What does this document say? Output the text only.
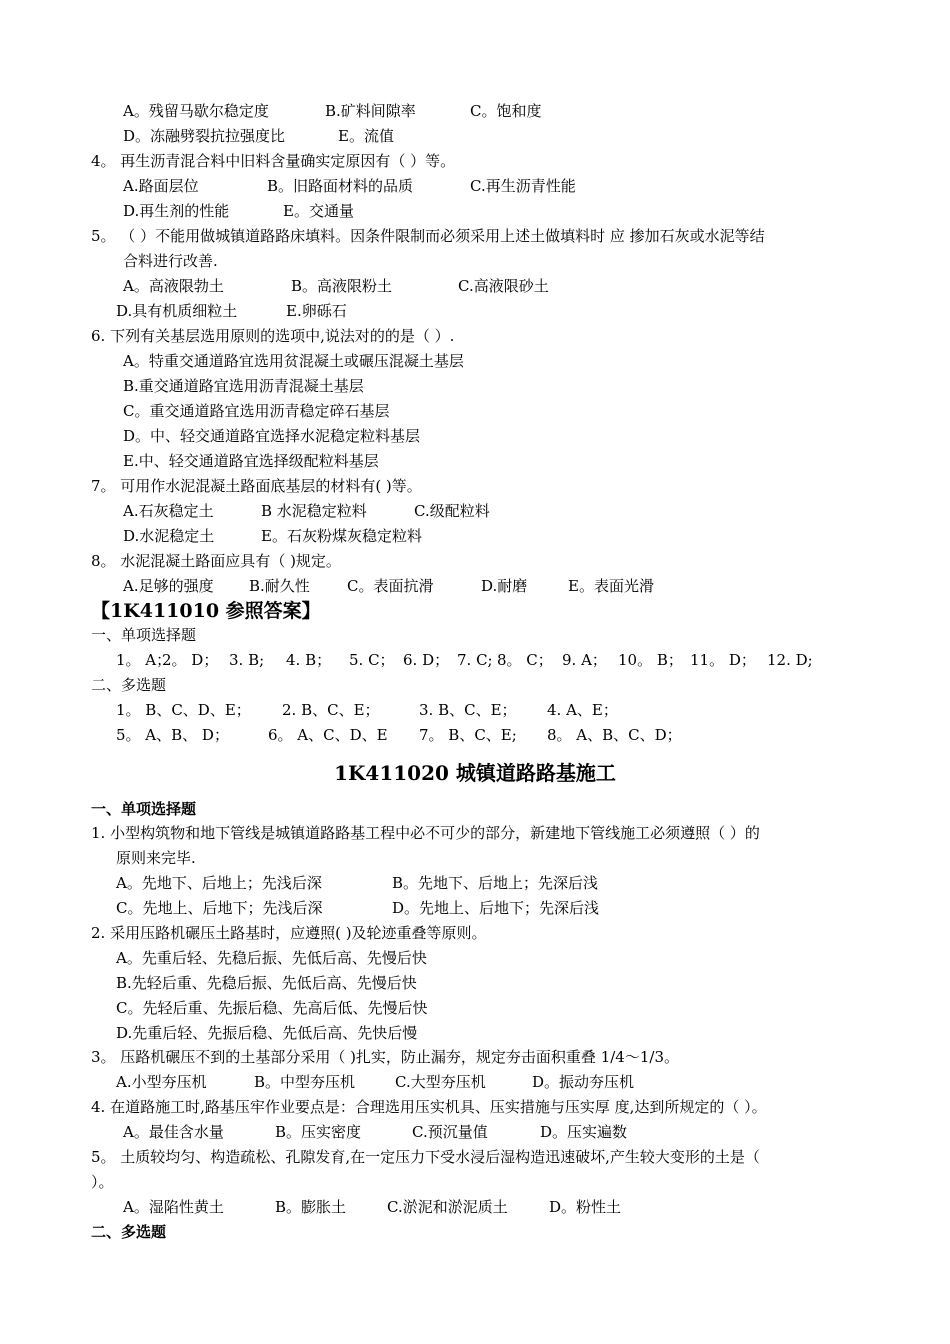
A。残留马歇尔稳定度	B.矿料间隙率	C。饱和度
D。冻融劈裂抗拉强度比	E。流值
4。 再生沥青混合料中旧料含量确实定原因有（ ）等。
A.路面层位	B。旧路面材料的品质	C.再生沥青性能
D.再生剂的性能	E。交通量
5。 （ ）不能用做城镇道路路床填料。因条件限制而必须采用上述土做填料时 应 掺加石灰或水泥等结
合料进行改善.
A。高液限勃土	B。高液限粉土	C.高液限砂土
D.具有机质细粒土	E.卵砾石
6. 下列有关基层选用原则的选项中,说法对的的是（ ）.
A。特重交通道路宜选用贫混凝土或碾压混凝土基层
B.重交通道路宜选用沥青混凝土基层
C。重交通道路宜选用沥青稳定碎石基层
D。中、轻交通道路宜选择水泥稳定粒料基层
E.中、轻交通道路宜选择级配粒料基层
7。 可用作水泥混凝土路面底基层的材料有( )等。
A.石灰稳定土	B 水泥稳定粒料	C.级配粒料
D.水泥稳定土	E。石灰粉煤灰稳定粒料
8。 水泥混凝土路面应具有（ )规定。
A.足够的强度 B.耐久性 C。表面抗滑	D.耐磨	E。表面光滑
【1K411010 参照答案】
一、单项选择题
1。 A；2。 D； 3. B; 4. B； 5. C； 6. D； 7. C; 8。 C； 9. A； 10。 B； 11。 D； 12. D;
二、多选题
1。 B、C、D、E； 2. B、C、E；	3. B、C、E； 4. A、E；
5。 A、B、 D；	6。 A、C、D、E 7。 B、C、E; 8。 A、B、C、D；
1K411020 城镇道路路基施工
一、单项选择题
1. 小型构筑物和地下管线是城镇道路路基工程中必不可少的部分，新建地下管线施工必须遵照（ ）的
原则来完毕.
A。先地下、后地上；先浅后深	B。先地下、后地上；先深后浅
C。先地上、后地下；先浅后深	D。先地上、后地下；先深后浅
2. 采用压路机碾压土路基时，应遵照( )及轮迹重叠等原则。
A。先重后轻、先稳后振、先低后高、先慢后快
B.先轻后重、先稳后振、先低后高、先慢后快
C。先轻后重、先振后稳、先高后低、先慢后快
D.先重后轻、先振后稳、先低后高、先快后慢
3。 压路机碾压不到的土基部分采用（ )扎实，防止漏夯，规定夯击面积重叠 1/4～1/3。
A.小型夯压机	B。中型夯压机	C.大型夯压机	D。振动夯压机
4. 在道路施工时,路基压牢作业要点是：合理选用压实机具、压实措施与压实厚 度,达到所规定的（ ）。
A。最佳含水量	B。压实密度	C.预沉量值	D。压实遍数
5。 土质较均匀、构造疏松、孔隙发育,在一定压力下受水浸后湿构造迅速破坏,产生较大变形的土是（
）。
A。湿陷性黄土	B。膨胀土	C.淤泥和淤泥质土	D。粉性土
二、多选题
